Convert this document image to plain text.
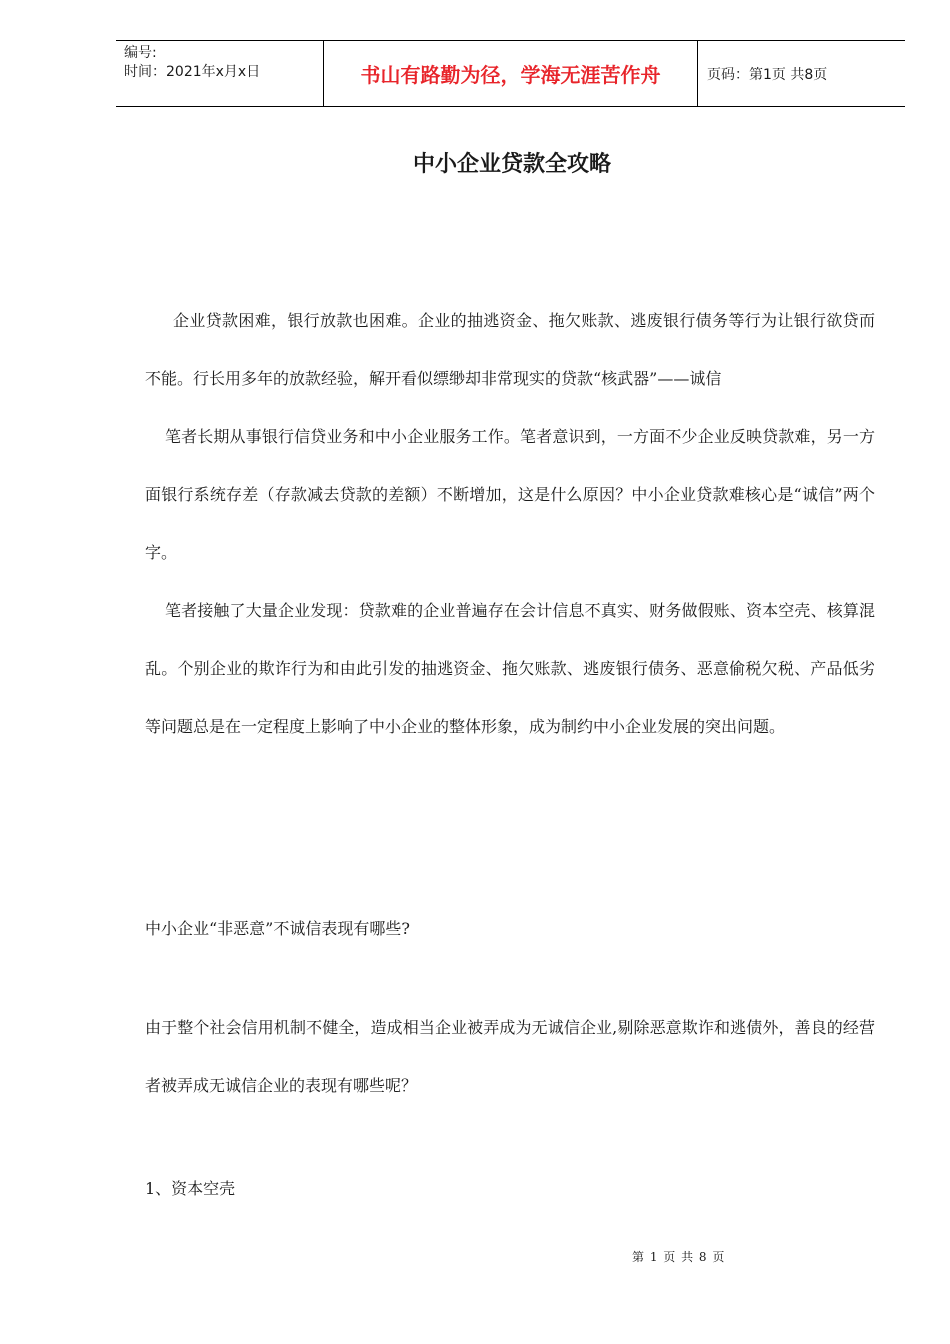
编号:
时间：2021年x月x日	书山有路勤为径，学海无涯苦作舟	页码：第1页 共8页
中小企业贷款全攻略

企业贷款困难，银行放款也困难。企业的抽逃资金、拖欠账款、逃废银行债务等行为让银行欲贷而不能。行长用多年的放款经验，解开看似缥缈却非常现实的贷款“核武器”——诚信

笔者长期从事银行信贷业务和中小企业服务工作。笔者意识到，一方面不少企业反映贷款难，另一方面银行系统存差（存款减去贷款的差额）不断增加，这是什么原因？中小企业贷款难核心是“诚信”两个字。

笔者接触了大量企业发现：贷款难的企业普遍存在会计信息不真实、财务做假账、资本空壳、核算混乱。个别企业的欺诈行为和由此引发的抽逃资金、拖欠账款、逃废银行债务、恶意偷税欠税、产品低劣等问题总是在一定程度上影响了中小企业的整体形象，成为制约中小企业发展的突出问题。

中小企业“非恶意”不诚信表现有哪些?

由于整个社会信用机制不健全，造成相当企业被弄成为无诚信企业,剔除恶意欺诈和逃债外，善良的经营者被弄成无诚信企业的表现有哪些呢？

1、资本空壳
第 1 页 共 8 页
